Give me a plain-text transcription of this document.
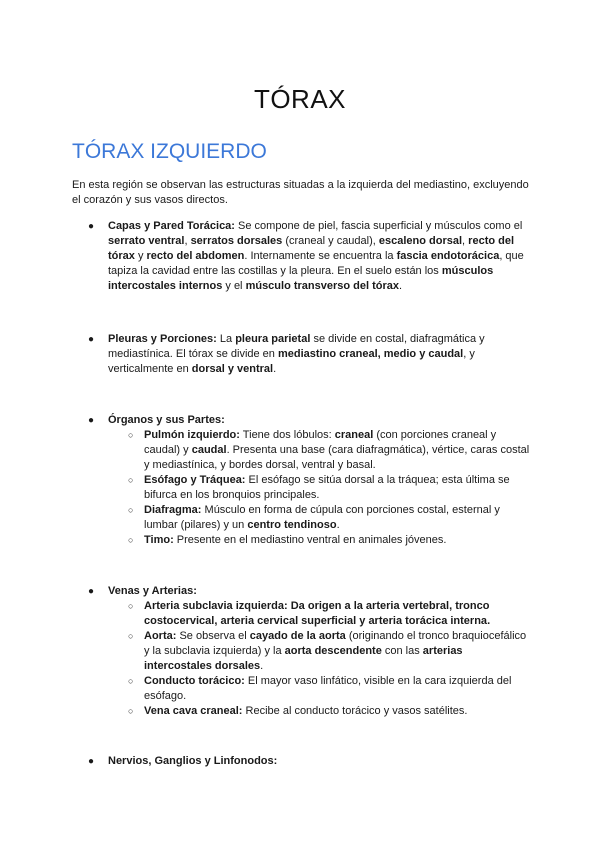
TÓRAX
TÓRAX IZQUIERDO

En esta región se observan las estructuras situadas a la izquierda del mediastino, excluyendo el corazón y sus vasos directos.

● Capas y Pared Torácica: Se compone de piel, fascia superficial y músculos como el serrato ventral, serratos dorsales (craneal y caudal), escaleno dorsal, recto del tórax y recto del abdomen. Internamente se encuentra la fascia endotorácica, que tapiza la cavidad entre las costillas y la pleura. En el suelo están los músculos intercostales internos y el músculo transverso del tórax.
● Pleuras y Porciones: La pleura parietal se divide en costal, diafragmática y mediastínica. El tórax se divide en mediastino craneal, medio y caudal, y verticalmente en dorsal y ventral.
● Órganos y sus Partes:
○ Pulmón izquierdo: Tiene dos lóbulos: craneal (con porciones craneal y caudal) y caudal. Presenta una base (cara diafragmática), vértice, caras costal y mediastínica, y bordes dorsal, ventral y basal.
○ Esófago y Tráquea: El esófago se sitúa dorsal a la tráquea; esta última se bifurca en los bronquios principales.
○ Diafragma: Músculo en forma de cúpula con porciones costal, esternal y lumbar (pilares) y un centro tendinoso.
○ Timo: Presente en el mediastino ventral en animales jóvenes.
● Venas y Arterias:
○ Arteria subclavia izquierda: Da origen a la arteria vertebral, tronco costocervical, arteria cervical superficial y arteria torácica interna.
○ Aorta: Se observa el cayado de la aorta (originando el tronco braquiocefálico y la subclavia izquierda) y la aorta descendente con las arterias intercostales dorsales.
○ Conducto torácico: El mayor vaso linfático, visible en la cara izquierda del esófago.
○ Vena cava craneal: Recibe al conducto torácico y vasos satélites.
● Nervios, Ganglios y Linfonodos:
